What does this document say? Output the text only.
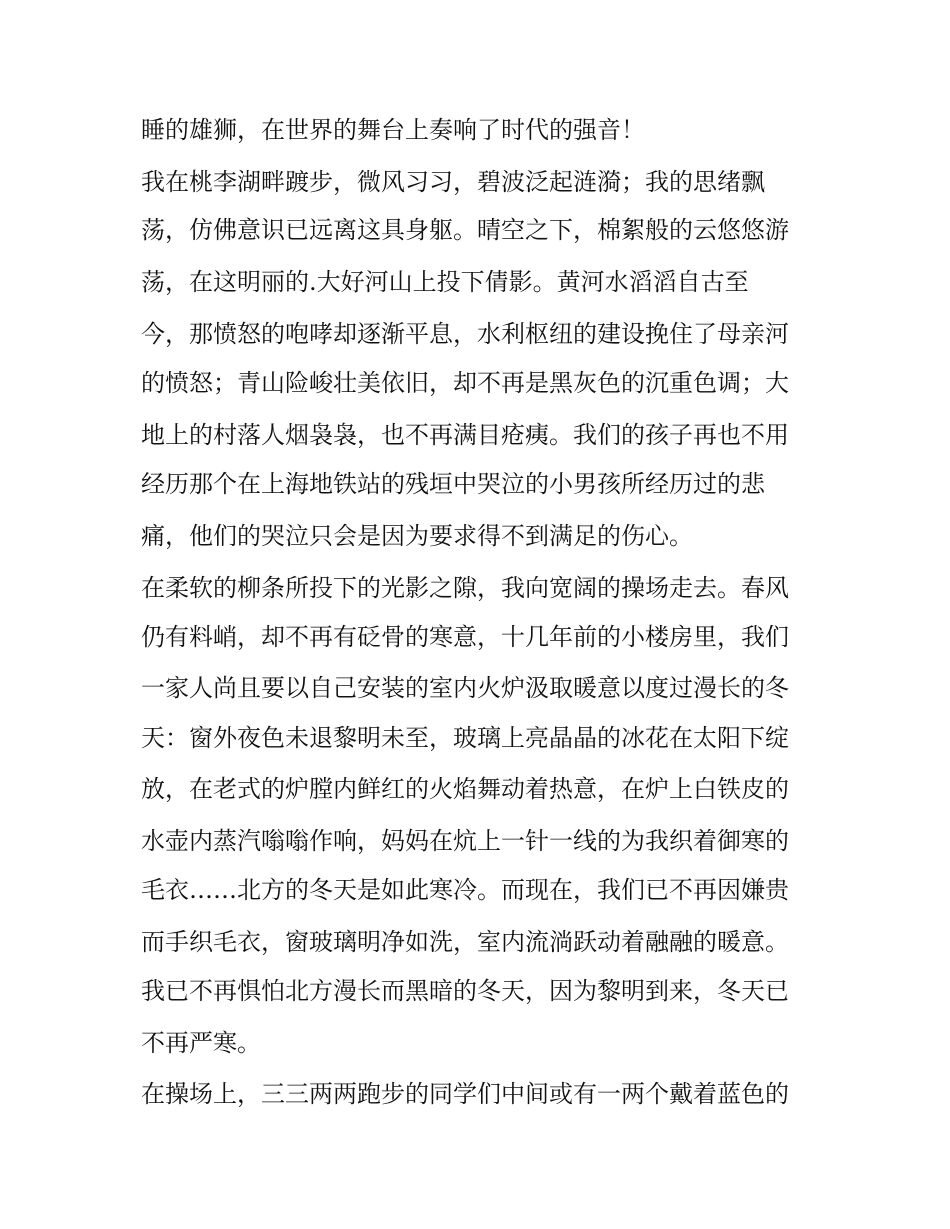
睡的雄狮，在世界的舞台上奏响了时代的强音！

我在桃李湖畔踱步，微风习习，碧波泛起涟漪；我的思绪飘

荡，仿佛意识已远离这具身躯。晴空之下，棉絮般的云悠悠游

荡，在这明丽的.大好河山上投下倩影。黄河水滔滔自古至

今，那愤怒的咆哮却逐渐平息，水利枢纽的建设挽住了母亲河

的愤怒；青山险峻壮美依旧，却不再是黑灰色的沉重色调；大

地上的村落人烟袅袅，也不再满目疮痍。我们的孩子再也不用

经历那个在上海地铁站的残垣中哭泣的小男孩所经历过的悲

痛，他们的哭泣只会是因为要求得不到满足的伤心。

在柔软的柳条所投下的光影之隙，我向宽阔的操场走去。春风

仍有料峭，却不再有砭骨的寒意，十几年前的小楼房里，我们

一家人尚且要以自己安装的室内火炉汲取暖意以度过漫长的冬

天：窗外夜色未退黎明未至，玻璃上亮晶晶的冰花在太阳下绽

放，在老式的炉膛内鲜红的火焰舞动着热意，在炉上白铁皮的

水壶内蒸汽嗡嗡作响，妈妈在炕上一针一线的为我织着御寒的

毛衣……北方的冬天是如此寒冷。而现在，我们已不再因嫌贵

而手织毛衣，窗玻璃明净如洗，室内流淌跃动着融融的暖意。

我已不再惧怕北方漫长而黑暗的冬天，因为黎明到来，冬天已

不再严寒。

在操场上，三三两两跑步的同学们中间或有一两个戴着蓝色的
